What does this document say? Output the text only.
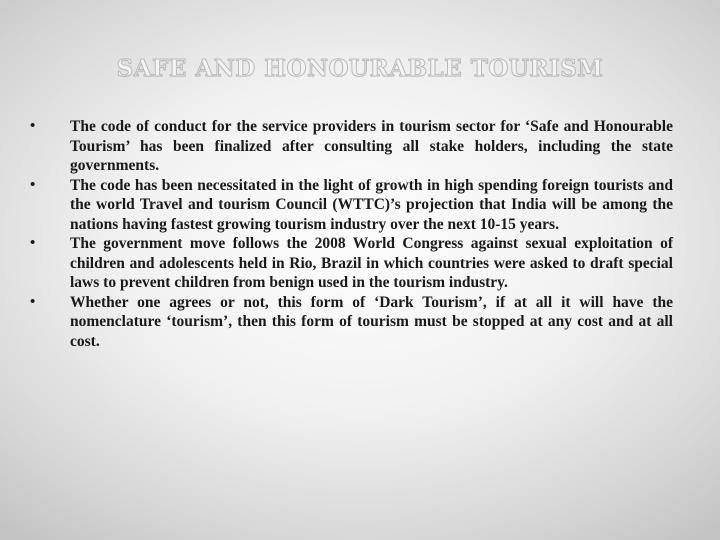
SAFE AND HONOURABLE TOURISM
• The code of conduct for the service providers in tourism sector for ‘Safe and Honourable Tourism’ has been finalized after consulting all stake holders, including the state governments.
• The code has been necessitated in the light of growth in high spending foreign tourists and the world Travel and tourism Council (WTTC)’s projection that India will be among the nations having fastest growing tourism industry over the next 10-15 years.
• The government move follows the 2008 World Congress against sexual exploitation of children and adolescents held in Rio, Brazil in which countries were asked to draft special laws to prevent children from benign used in the tourism industry.
• Whether one agrees or not, this form of ‘Dark Tourism’, if at all it will have the nomenclature ‘tourism’, then this form of tourism must be stopped at any cost and at all cost.
